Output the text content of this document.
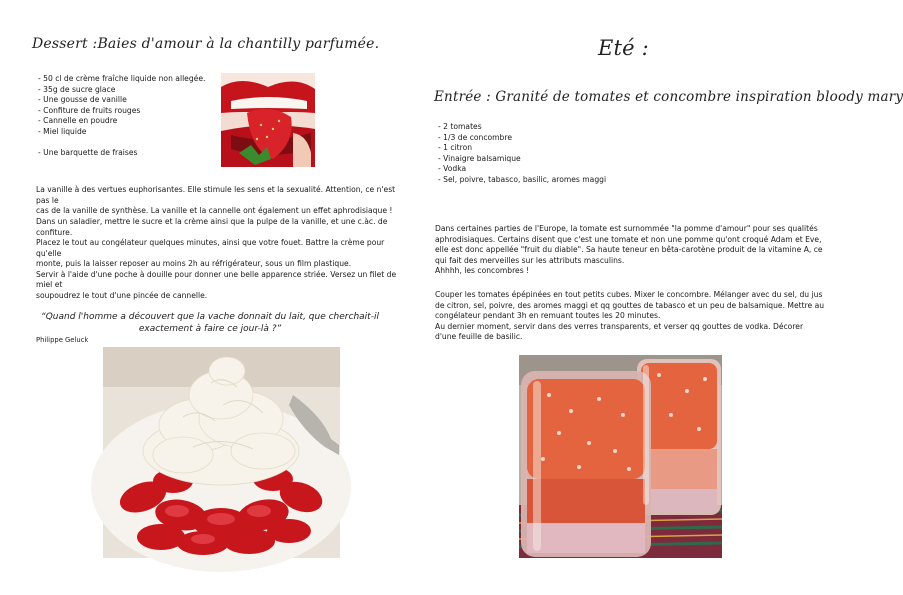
Dessert :Baies d'amour à la chantilly parfumée.
- 50 cl de crème fraîche liquide non allegée.
- 35g de sucre glace
- Une gousse de vanille
- Confiture de fruits rouges
- Cannelle en poudre
- Miel liquide
- Une barquette de fraises

La vanille à des vertues euphorisantes. Elle stimule les sens et la sexualité. Attention, ce n'est pas le

cas de la vanille de synthèse. La vanille et la cannelle ont également un effet aphrodisiaque !

Dans un saladier, mettre le sucre et la crème ainsi que la pulpe de la vanille, et une c.àc. de confiture.

Placez le tout au congélateur quelques minutes, ainsi que votre fouet. Battre la crème pour qu'elle

monte, puis la laisser reposer au moins 2h au réfrigérateur, sous un film plastique.

Servir à l'aide d'une poche à douille pour donner une belle apparence striée. Versez un filet de miel et

soupoudrez le tout d'une pincée de cannelle.

“Quand l'homme a découvert que la vache donnait du lait, que cherchait-il
exactement à faire ce jour-là ?”
Philippe Geluck
Eté :
Entrée : Granité de tomates et concombre inspiration bloody mary
- 2 tomates
- 1/3 de concombre
- 1 citron
- Vinaigre balsamique
- Vodka
- Sel, poivre, tabasco, basilic, aromes maggi

Dans certaines parties de l'Europe, la tomate est surnommée "la pomme d'amour" pour ses qualités

aphrodisiaques. Certains disent que c'est une tomate et non une pomme qu'ont croqué Adam et Eve,

elle est donc appellée "fruit du diable". Sa haute teneur en bêta-carotène produit de la vitamine A, ce

qui fait des merveilles sur les attributs masculins.

Ahhhh, les concombres !

Couper les tomates épépinées en tout petits cubes. Mixer le concombre. Mélanger avec du sel, du jus

de citron, sel, poivre, des aromes maggi et qq gouttes de tabasco et un peu de balsamique. Mettre au

congélateur pendant 3h en remuant toutes les 20 minutes.

Au dernier moment, servir dans des verres transparents, et verser qq gouttes de vodka. Décorer

d'une feuille de basilic.
